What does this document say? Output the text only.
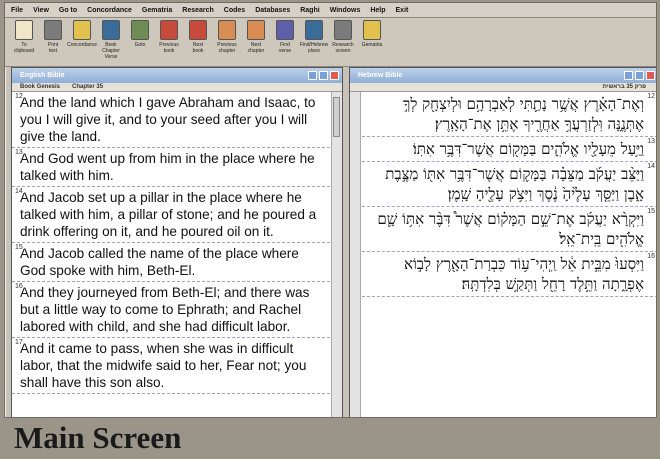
File View Go to Concordance Gematria Research Codes Databases Raghi Windows Help Exit
To
clipboard
Print
text
Concordance	Book
Chapter
Verse
Goto	Previous
book
Next
book
Previous
chapter
Next
chapter
Find
verse
Find/Hebrew
place
Research
screen
Gematria
English Bible
Book Genesis Chapter 35
12
And the land which I gave Abraham and Isaac, to you I will give it, and to your seed after you I will give the land.
13
And God went up from him in the place where he talked with him.
14
And Jacob set up a pillar in the place where he talked with him, a pillar of stone; and he poured a drink offering on it, and he poured oil on it.
15
And Jacob called the name of the place where God spoke with him, Beth-El.
16
And they journeyed from Beth-El; and there was but a little way to come to Ephrath; and Rachel labored with child, and she had difficult labor.
17
And it came to pass, when she was in difficult labor, that the midwife said to her, Fear not; you shall have this son also.
Hebrew Bible
פרק 35 בראשית
12
וְאֶת־הָאָ֗רֶץ אֲשֶׁ֥ר נָתַ֛תִּי לְאַבְרָהָ֥ם וּלְיִצְחָ֖ק לְךָ֣ אֶתְּנֶ֑נָּה וּֽלְזַרְעֲךָ֥ אַחֲרֶ֖יךָ אֶתֵּ֥ן אֶת־הָאָֽרֶץ׃
13
וַיַּ֥עַל מֵעָלָ֖יו אֱלֹהִ֑ים בַּמָּק֖וֹם אֲשֶׁר־דִּבֶּ֥ר אִתּֽוֹ׃
14
וַיַּצֵּ֨ב יַעֲקֹ֜ב מַצֵּבָ֗ה בַּמָּק֛וֹם אֲשֶׁר־דִּבֶּ֥ר אִתּ֖וֹ מַצֶּ֣בֶת אָ֑בֶן וַיַּסֵּ֤ךְ עָלֶ֙יהָ֙ נֶ֔סֶךְ וַיִּצֹ֥ק עָלֶ֖יהָ שָֽׁמֶן׃
15
וַיִּקְרָ֨א יַעֲקֹ֜ב אֶת־שֵׁ֣ם הַמָּק֗וֹם אֲשֶׁר֩ דִּבֶּ֨ר אִתּ֥וֹ שָׁ֛ם אֱלֹהִ֖ים בֵּֽית־אֵֽל׃
16
וַיִּסְעוּ֙ מִבֵּ֣ית אֵ֔ל וַֽיְהִי־ע֥וֹד כִּבְרַת־הָאָ֖רֶץ לָב֣וֹא אֶפְרָ֑תָה וַתֵּ֥לֶד רָחֵ֖ל וַתְּקַ֥שׁ בְּלִדְתָּֽהּ׃
Main Screen
